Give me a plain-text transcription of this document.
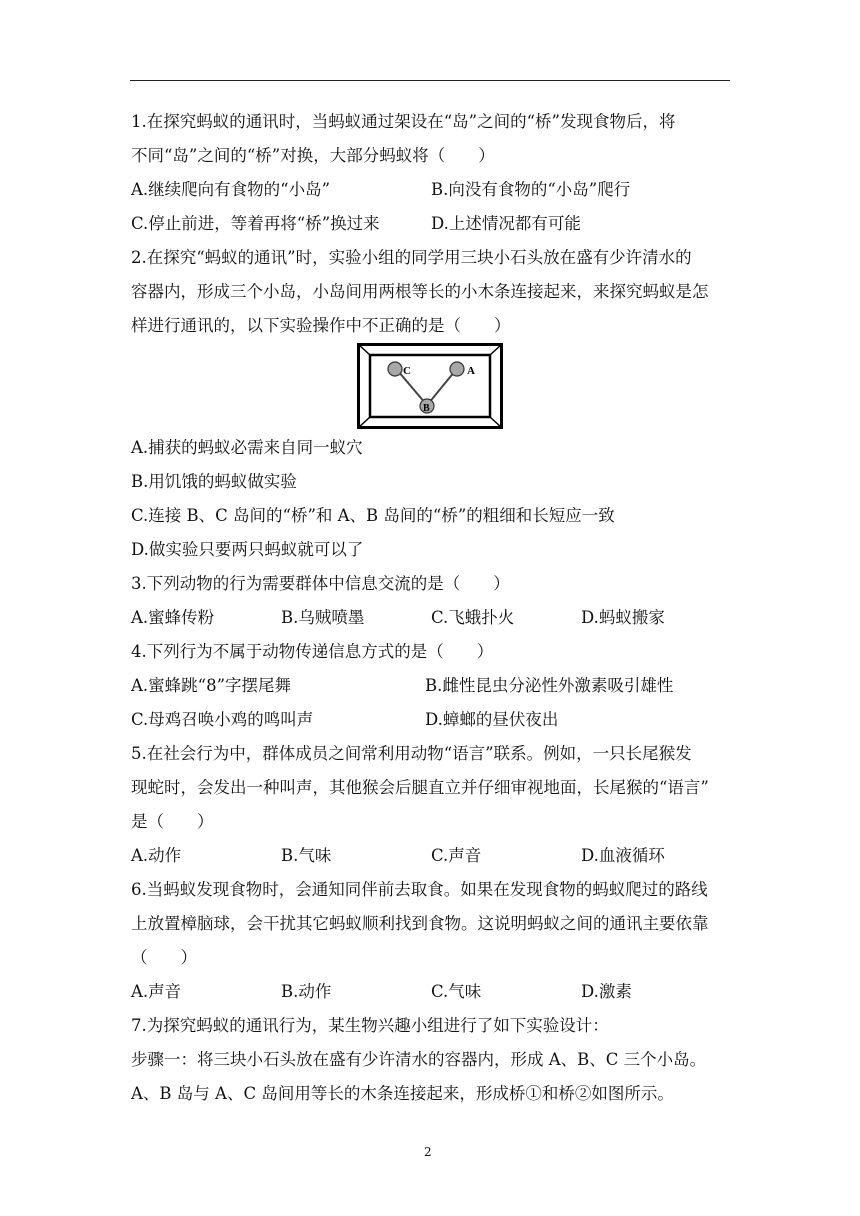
1.在探究蚂蚁的通讯时，当蚂蚁通过架设在“岛”之间的“桥”发现食物后，将
不同“岛”之间的“桥”对换，大部分蚂蚁将（　　）
A.继续爬向有食物的“小岛”	B.向没有食物的“小岛”爬行
C.停止前进，等着再将“桥”换过来	D.上述情况都有可能
2.在探究“蚂蚁的通讯”时，实验小组的同学用三块小石头放在盛有少许清水的
容器内，形成三个小岛，小岛间用两根等长的小木条连接起来，来探究蚂蚁是怎
样进行通讯的，以下实验操作中不正确的是（　　）
C	A
B
A.捕获的蚂蚁必需来自同一蚁穴
B.用饥饿的蚂蚁做实验
C.连接 B、C 岛间的“桥”和 A、B 岛间的“桥”的粗细和长短应一致
D.做实验只要两只蚂蚁就可以了
3.下列动物的行为需要群体中信息交流的是（　　）
A.蜜蜂传粉	B.乌贼喷墨	C.飞蛾扑火	D.蚂蚁搬家
4.下列行为不属于动物传递信息方式的是（　　）
A.蜜蜂跳“8”字摆尾舞	B.雌性昆虫分泌性外激素吸引雄性
C.母鸡召唤小鸡的鸣叫声	D.蟑螂的昼伏夜出
5.在社会行为中，群体成员之间常利用动物“语言”联系。例如，一只长尾猴发
现蛇时，会发出一种叫声，其他猴会后腿直立并仔细审视地面，长尾猴的“语言”
是（　　）
A.动作	B.气味	C.声音	D.血液循环
6.当蚂蚁发现食物时，会通知同伴前去取食。如果在发现食物的蚂蚁爬过的路线
上放置樟脑球，会干扰其它蚂蚁顺利找到食物。这说明蚂蚁之间的通讯主要依靠
（　　）
A.声音	B.动作	C.气味	D.激素
7.为探究蚂蚁的通讯行为，某生物兴趣小组进行了如下实验设计：
步骤一：将三块小石头放在盛有少许清水的容器内，形成 A、B、C 三个小岛。
A、B 岛与 A、C 岛间用等长的木条连接起来，形成桥①和桥②如图所示。
2
